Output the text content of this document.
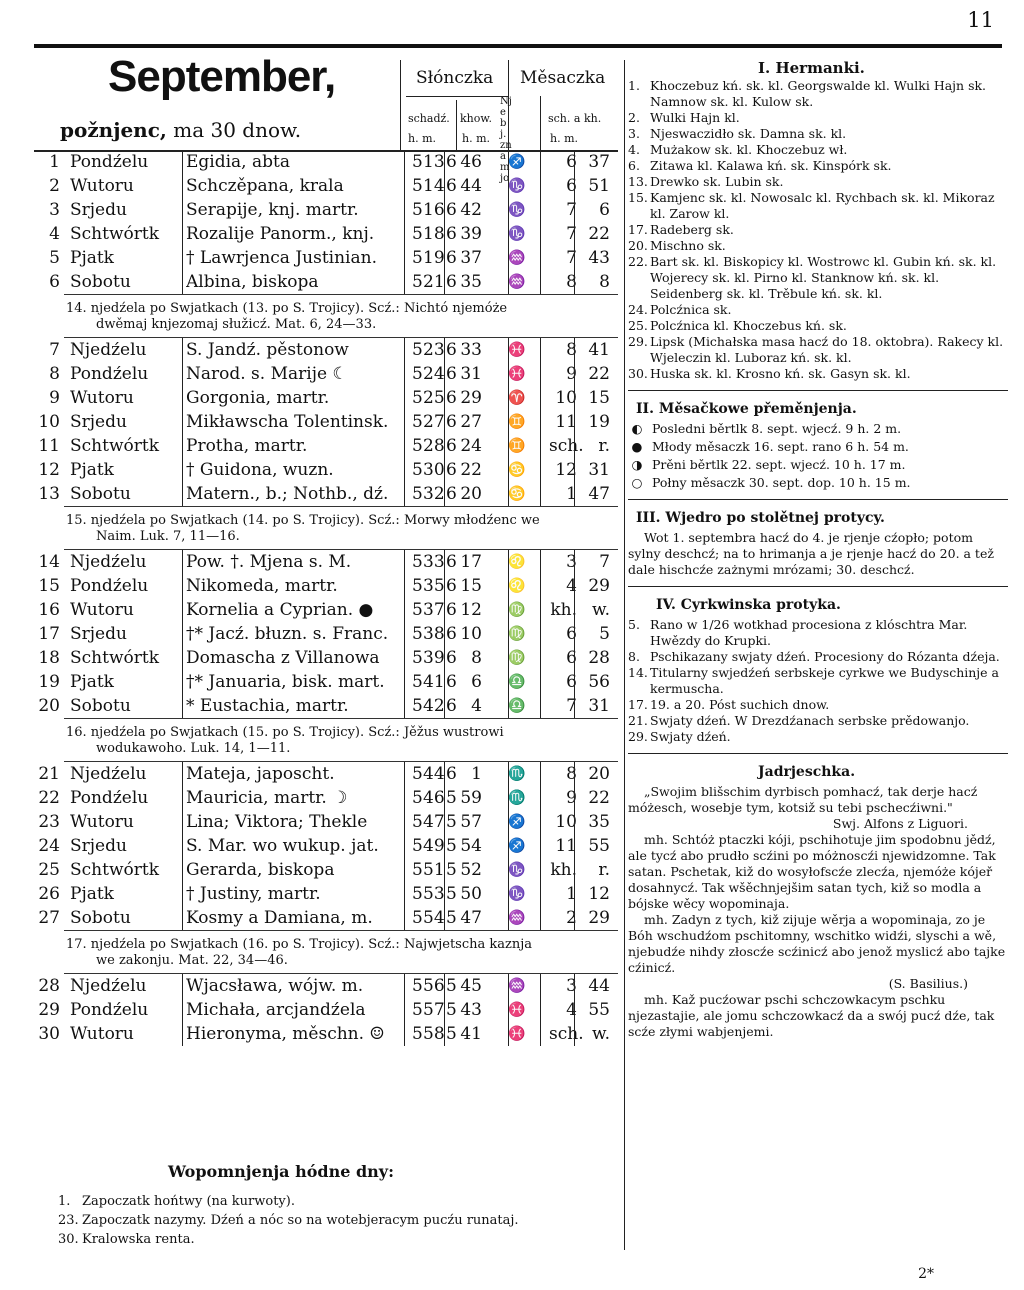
11
September,
požnjenc, ma 30 dnow.
Słónczka Měsaczka
schadź. khow.
Njebj. znamjo
sch. a kh.
h. m. h. m.	h. m.
1 Pondźelu Egidia, abta	5 13 6 46	♐	6 37
2 Wutoru	Schczěpana, krala	5 14 6 44	♑	6 51
3 Srjedu	Serapije, knj. martr.	5 16 6 42	♑	7	6
4 Schtwórtk Rozalije Panorm., knj.	5 18 6 39	♑	7 22
5 Pjatk	† Lawrjenca Justinian.	5 19 6 37	♒	7 43
6 Sobotu	Albina, biskopa	5 21 6 35	♒	8	8
14. njedźela po Swjatkach (13. po S. Trojicy). Scź.: Nichtó njemóże
dwěmaj knjezomaj słužicź. Mat. 6, 24—33.
7 Njedźelu S. Jandź. pěstonow	5 23 6 33	♓	8 41
8 Pondźelu Narod. s. Marije ☾	5 24 6 31	♓	9 22
9 Wutoru	Gorgonia, martr.	5 25 6 29	♈	10 15
10 Srjedu	Mikławscha Tolentinsk.	5 27 6 27	♊	11 19
11 Schtwórtk Protha, martr.	5 28 6 24	♊	sch. r.
12 Pjatk	† Guidona, wuzn.	5 30 6 22	♋	12 31
13 Sobotu	Matern., b.; Nothb., dź.	5 32 6 20	♋	1 47
15. njedźela po Swjatkach (14. po S. Trojicy). Scź.: Morwy młodźenc we
Naim. Luk. 7, 11—16.
14 Njedźelu Pow. †. Mjena s. M.	5 33 6 17	♌	3	7
15 Pondźelu Nikomeda, martr.	5 35 6 15	♌	4 29
16 Wutoru	Kornelia a Cyprian. ●	5 37 6 12	♍	kh. w.
17 Srjedu	†* Jacź. błuzn. s. Franc.	5 38 6 10	♍	6	5
18 Schtwórtk Domascha z Villanowa	5 39 6 8	♍	6 28
19 Pjatk	†* Januaria, bisk. mart.	5 41 6 6	♎	6 56
20 Sobotu	* Eustachia, martr.	5 42 6 4	♎	7 31
16. njedźela po Swjatkach (15. po S. Trojicy). Scź.: Jěžus wustrowi
wodukawoho. Luk. 14, 1—11.
21 Njedźelu Mateja, japoscht.	5 44 6 1	♏	8 20
22 Pondźelu Mauricia, martr. ☽	5 46 5 59	♏	9 22
23 Wutoru	Lina; Viktora; Thekle	5 47 5 57	♐	10 35
24 Srjedu	S. Mar. wo wukup. jat.	5 49 5 54	♐	11 55
25 Schtwórtk Gerarda, biskopa	5 51 5 52	♑	kh.	r.
26 Pjatk	† Justiny, martr.	5 53 5 50	♑	1 12
27 Sobotu	Kosmy a Damiana, m.	5 54 5 47	♒	2 29
17. njedźela po Swjatkach (16. po S. Trojicy). Scź.: Najwjetscha kaznja
we zakonju. Mat. 22, 34—46.
28 Njedźelu Wjacsława, wójw. m.	5 56 5 45	♒	3 44
29 Pondźelu Michała, arcjandźela	5 57 5 43	♓	4 55
30 Wutoru	Hieronyma, měschn. ☺	5 58 5 41	♓	sch. w.
I. Hermanki.
1. Khoczebuz kń. sk. kl. Georgswalde kl. Wulki Hajn sk. Namnow sk. kl. Kulow sk.
2. Wulki Hajn kl.
3. Njeswaczidło sk. Damna sk. kl.
4. Mużakow sk. kl. Khoczebuz wł.
6. Zitawa kl. Kalawa kń. sk. Kinspórk sk.
13. Drewko sk. Lubin sk.
15. Kamjenc sk. kl. Nowosalc kl. Rychbach sk. kl. Mikoraz kl. Zarow kl.
17. Radeberg sk.
20. Mischno sk.
22. Bart sk. kl. Biskopicy kl. Wostrowc kl. Gubin kń. sk. kl. Wojerecy sk. kl. Pirno kl. Stanknow kń. sk. kl. Seidenberg sk. kl. Trěbule kń. sk. kl.
24. Polcźnica sk.
25. Polcźnica kl. Khoczebus kń. sk.
29. Lipsk (Michałska masa hacź do 18. oktobra). Rakecy kl. Wjeleczin kl. Luboraz kń. sk. kl.
30. Huska sk. kl. Krosno kń. sk. Gasyn sk. kl.
II. Měsačkowe přeměnjenja.
◐ Posledni běrtlk 8. sept. wjecź. 9 h. 2 m.
● Młody měsaczk 16. sept. rano 6 h. 54 m.
◑ Prěni běrtlk 22. sept. wjecź. 10 h. 17 m.
○ Połny měsaczk 30. sept. dop. 10 h. 15 m.
III. Wjedro po stolětnej protycy.
Wot 1. septembra hacź do 4. je rjenje cźopło; potom sylny deschcź; na to hrimanja a je rjenje hacź do 20. a tež dale hischcźe zażnymi mrózami; 30. deschcź.
IV. Cyrkwinska protyka.
5. Rano w 1/26 wotkhad procesiona z klóschtra Mar. Hwězdy do Krupki.
8. Pschikazany swjaty dźeń. Procesiony do Rózanta dźeja.
14. Titularny swjedźeń serbskeje cyrkwe we Budyschinje a kermuscha.
17. 19. a 20. Póst suchich dnow.
21. Swjaty dźeń. W Drezdźanach serbske prědowanjo.
29. Swjaty dźeń.
Jadrjeschka.
„Swojim blišschim dyrbisch pomhacź, tak derje hacź móżesch, wosebje tym, kotsiž su tebi pschecźiwni."
Swj. Alfons z Liguori.
mh. Schtóż ptaczki kóji, pschihotuje jim spodobnu jědź, ale tycź abo prudło scźini po móżnoscźi njewidzomne. Tak satan. Pschetak, kiž do wosyłofscźe zlecźa, njemóże kójeř dosahnycź. Tak wšěchnjejšim satan tych, kiž so modla a bójske wěcy wopominaja.
mh. Zadyn z tych, kiž zijuje wěrja a wopominaja, zo je Bóh wschudźom pschitomny, wschitko widźi, slyschi a wě, njebudźe nihdy złoscźe scźinicź abo jenož myslicź abo tajke cźinicź.
(S. Basilius.)
mh. Kaž pucźowar pschi schczowkacym pschku njezastajie, ale jomu schczowkacź da a swój pucź dźe, tak scźe złymi wabjenjemi.
Wopomnjenja hódne dny:
1. Zapoczatk hońtwy (na kurwoty).
23. Zapoczatk nazymy. Dźeń a nóc so na wotebjeracym pucźu runataj.
30. Kralowska renta.
2*
